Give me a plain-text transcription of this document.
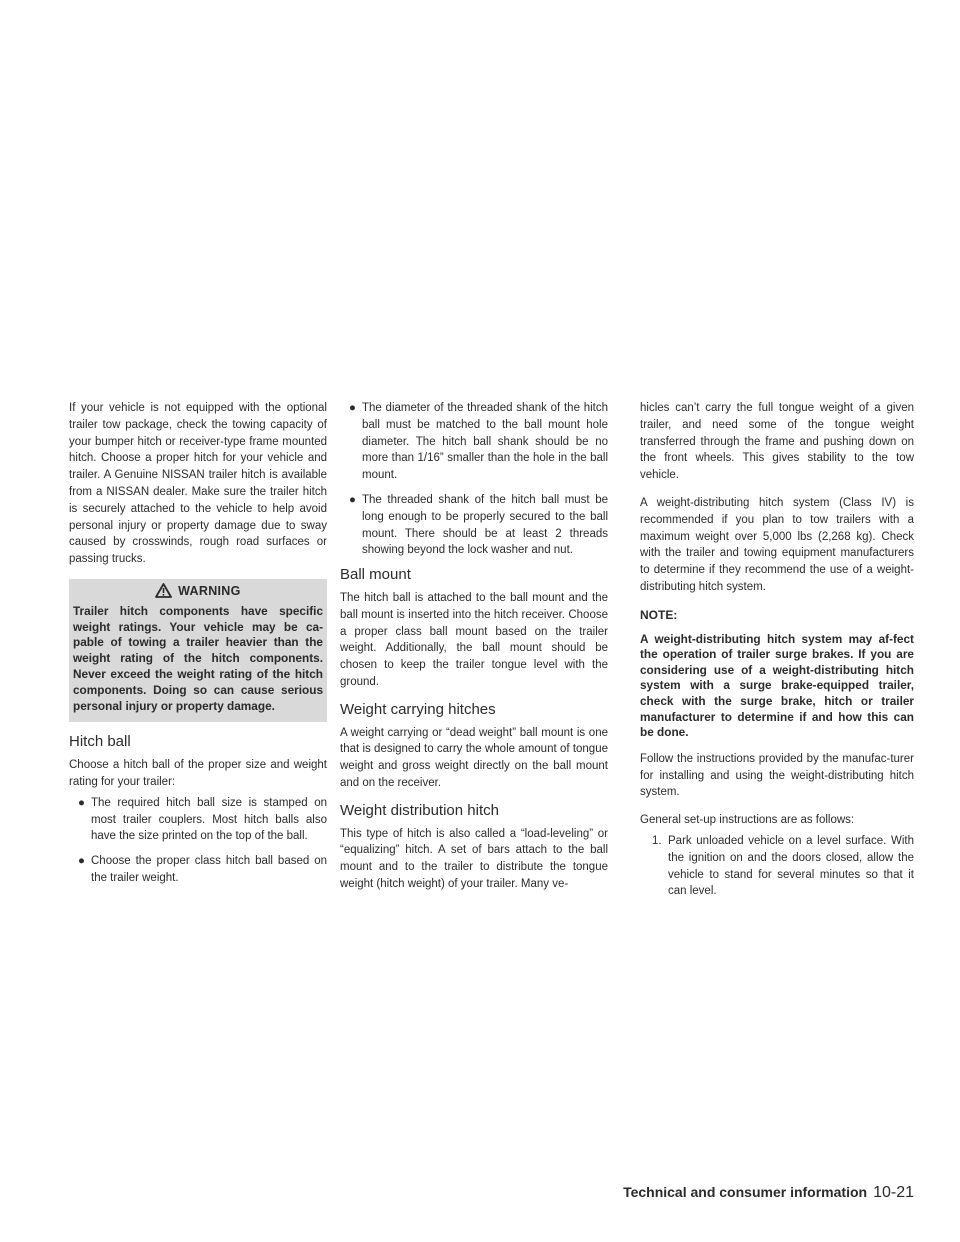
If your vehicle is not equipped with the optional trailer tow package, check the towing capacity of your bumper hitch or receiver-type frame mounted hitch. Choose a proper hitch for your vehicle and trailer. A Genuine NISSAN trailer hitch is available from a NISSAN dealer. Make sure the trailer hitch is securely attached to the vehicle to help avoid personal injury or property damage due to sway caused by crosswinds, rough road surfaces or passing trucks.

WARNING
Trailer hitch components have specific weight ratings. Your vehicle may be ca-pable of towing a trailer heavier than the weight rating of the hitch components. Never exceed the weight rating of the hitch components. Doing so can cause serious personal injury or property damage.
Hitch ball

Choose a hitch ball of the proper size and weight rating for your trailer:

● The required hitch ball size is stamped on most trailer couplers. Most hitch balls also have the size printed on the top of the ball.
● Choose the proper class hitch ball based on the trailer weight.
● The diameter of the threaded shank of the hitch ball must be matched to the ball mount hole diameter. The hitch ball shank should be no more than 1/16” smaller than the hole in the ball mount.
● The threaded shank of the hitch ball must be long enough to be properly secured to the ball mount. There should be at least 2 threads showing beyond the lock washer and nut.
Ball mount

The hitch ball is attached to the ball mount and the ball mount is inserted into the hitch receiver. Choose a proper class ball mount based on the trailer weight. Additionally, the ball mount should be chosen to keep the trailer tongue level with the ground.

Weight carrying hitches

A weight carrying or “dead weight” ball mount is one that is designed to carry the whole amount of tongue weight and gross weight directly on the ball mount and on the receiver.

Weight distribution hitch

This type of hitch is also called a “load-leveling” or “equalizing” hitch. A set of bars attach to the ball mount and to the trailer to distribute the tongue weight (hitch weight) of your trailer. Many ve-

hicles can’t carry the full tongue weight of a given trailer, and need some of the tongue weight transferred through the frame and pushing down on the front wheels. This gives stability to the tow vehicle.

A weight-distributing hitch system (Class IV) is recommended if you plan to tow trailers with a maximum weight over 5,000 lbs (2,268 kg). Check with the trailer and towing equipment manufacturers to determine if they recommend the use of a weight-distributing hitch system.

NOTE:
A weight-distributing hitch system may af-fect the operation of trailer surge brakes. If you are considering use of a weight-distributing hitch system with a surge brake-equipped trailer, check with the surge brake, hitch or trailer manufacturer to determine if and how this can be done.

Follow the instructions provided by the manufac-turer for installing and using the weight-distributing hitch system.

General set-up instructions are as follows:

1. Park unloaded vehicle on a level surface. With the ignition on and the doors closed, allow the vehicle to stand for several minutes so that it can level.
Technical and consumer information 10-21
